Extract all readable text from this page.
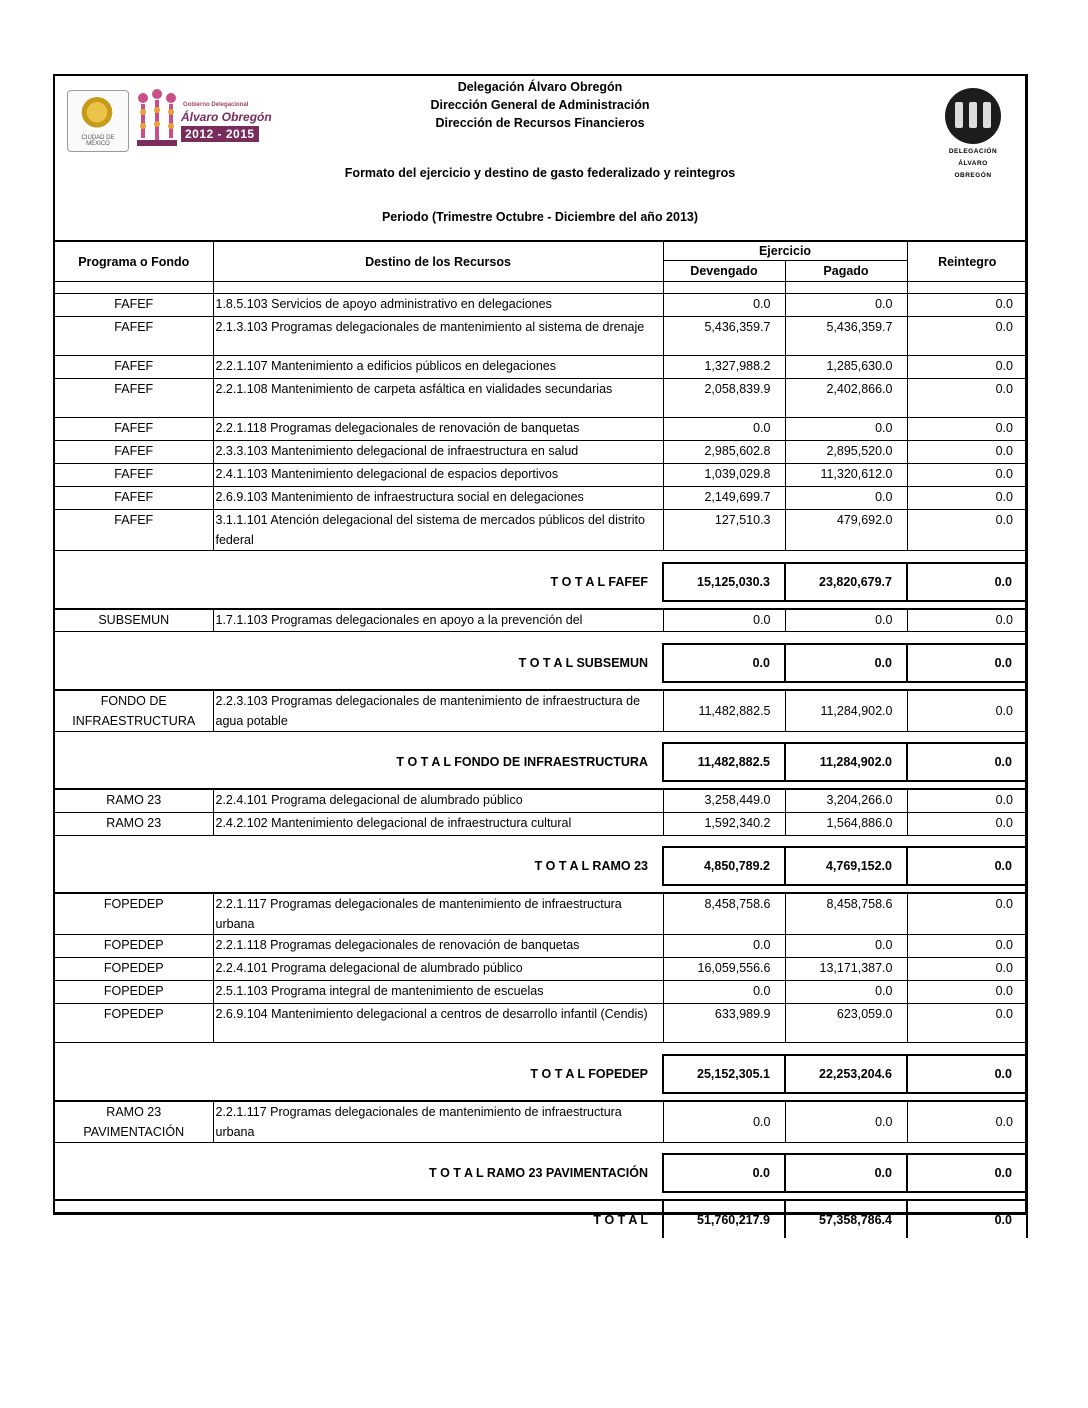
CIUDAD DE MÉXICO
Gobierno Delegacional
Álvaro Obregón
2012 - 2015
Delegación Álvaro Obregón
Dirección General de Administración
Dirección de Recursos Financieros
Formato del ejercicio y destino de gasto federalizado y reintegros
Periodo (Trimestre Octubre - Diciembre del año 2013)
DELEGACIÓN
ÁLVARO
OBREGÓN
Programa o Fondo	Destino de los Recursos	Ejercicio		Reintegro
		Devengado	Pagado	

FAFEF	1.8.5.103 Servicios de apoyo administrativo en delegaciones	0.0	0.0	0.0
FAFEF	2.1.3.103 Programas delegacionales de mantenimiento al sistema de drenaje	5,436,359.7	5,436,359.7	0.0
FAFEF	2.2.1.107 Mantenimiento a edificios públicos en delegaciones	1,327,988.2	1,285,630.0	0.0
FAFEF	2.2.1.108 Mantenimiento de carpeta asfáltica en vialidades secundarias	2,058,839.9	2,402,866.0	0.0
FAFEF	2.2.1.118 Programas delegacionales de renovación de banquetas	0.0	0.0	0.0
FAFEF	2.3.3.103 Mantenimiento delegacional de infraestructura en salud	2,985,602.8	2,895,520.0	0.0
FAFEF	2.4.1.103 Mantenimiento delegacional de espacios deportivos	1,039,029.8	11,320,612.0	0.0
FAFEF	2.6.9.103 Mantenimiento de infraestructura social en delegaciones	2,149,699.7	0.0	0.0
FAFEF	3.1.1.101 Atención delegacional del sistema de mercados públicos del distrito federal	127,510.3	479,692.0	0.0

T O T A L FAFEF		15,125,030.3	23,820,679.7	0.0

SUBSEMUN	1.7.1.103 Programas delegacionales en apoyo a la prevención del	0.0	0.0	0.0

T O T A L SUBSEMUN		0.0	0.0	0.0

FONDO DE INFRAESTRUCTURA	2.2.3.103 Programas delegacionales de mantenimiento de infraestructura de agua potable	11,482,882.5	11,284,902.0	0.0

T O T A L FONDO DE INFRAESTRUCTURA		11,482,882.5	11,284,902.0	0.0

RAMO 23	2.2.4.101 Programa delegacional de alumbrado público	3,258,449.0	3,204,266.0	0.0
RAMO 23	2.4.2.102 Mantenimiento delegacional de infraestructura cultural	1,592,340.2	1,564,886.0	0.0

T O T A L RAMO 23		4,850,789.2	4,769,152.0	0.0

FOPEDEP	2.2.1.117 Programas delegacionales de mantenimiento de infraestructura urbana	8,458,758.6	8,458,758.6	0.0
FOPEDEP	2.2.1.118 Programas delegacionales de renovación de banquetas	0.0	0.0	0.0
FOPEDEP	2.2.4.101 Programa delegacional de alumbrado público	16,059,556.6	13,171,387.0	0.0
FOPEDEP	2.5.1.103 Programa integral de mantenimiento de escuelas	0.0	0.0	0.0
FOPEDEP	2.6.9.104 Mantenimiento delegacional a centros de desarrollo infantil (Cendis)	633,989.9	623,059.0	0.0

T O T A L FOPEDEP		25,152,305.1	22,253,204.6	0.0

RAMO 23 PAVIMENTACIÓN	2.2.1.117 Programas delegacionales de mantenimiento de infraestructura urbana	0.0	0.0	0.0

T O T A L RAMO 23 PAVIMENTACIÓN		0.0	0.0	0.0

T O T A L		51,760,217.9	57,358,786.4	0.0
